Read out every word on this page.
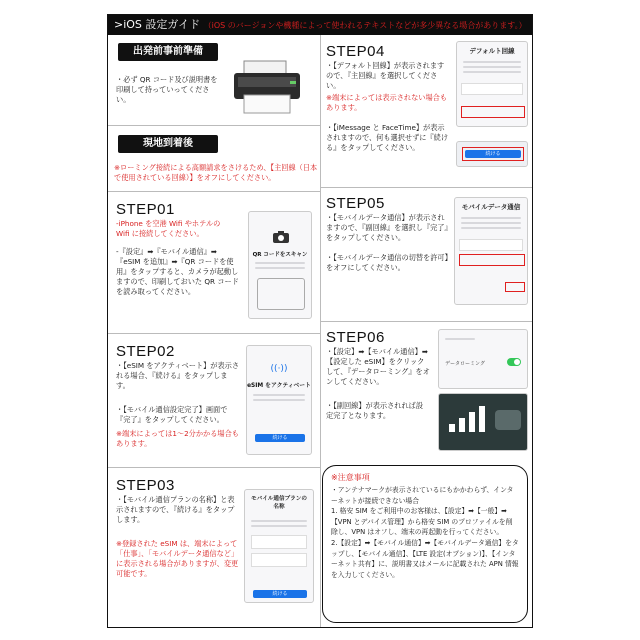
>iOS 設定ガイド （iOS のバージョンや機種によって使われるテキストなどが多少異なる場合があります。）
出発前事前準備
・必ず QR コード及び説明書を印刷して持っていってください。
現地到着後
※ローミング接続による高額請求をさけるため、【主回線（日本で使用されている回線）】をオフにしてください。
STEP01
-iPhone を空港 Wifi やホテルの Wifi に接続してください。
-『設定』➡『モバイル通信』➡『eSIM を追加』➡『QR コードを使用』をタップすると、カメラが起動しますので、印刷しておいた QR コードを読み取ってください。
QR コードをスキャン
STEP02
・【eSIM をアクティベート】が表示される場合、『続ける』をタップします。
・【モバイル通信設定完了】画面で『完了』をタップしてください。
※端末によっては1～2分かかる場合もあります。
((·))
eSIM をアクティベート
続ける
STEP03
・【モバイル通信プランの名称】と表示されますので、『続ける』をタップします。
※登録された eSIM は、端末によって「仕事」、「モバイルデータ通信など」に表示される場合がありますが、変更可能です。
モバイル通信プランの名称
続ける
STEP04
・【デフォルト回線】が表示されますので、『主回線』を選択してください。
※端末によっては表示されない場合もあります。
・【iMessage と FaceTime】が表示されますので、何も選択せずに『続ける』をタップしてください。
デフォルト回線
続ける
STEP05
・【モバイルデータ通信】が表示されますので、『副回線』を選択し『完了』をタップしてください。
・【モバイルデータ通信の切替を許可】をオフにしてください。
モバイルデータ通信
STEP06
・【設定】➡【モバイル通信】➡【設定した eSIM】をクリックして、『データローミング』をオンしてください。
・【副回線】が表示されれば設定完了となります。
データローミング
※注意事項
・アンテナマークが表示されているにもかかわらず、インターネットが接続できない場合
1. 格安 SIM をご利用中のお客様は、【設定】➡【一般】➡【VPN とデバイス管理】から格安 SIM のプロファイルを削除し、VPN はオフし、端末の再起動を行ってください。
2.【設定】➡【モバイル通信】➡【モバイルデータ通信】をタップし、【モバイル通信】、【LTE 設定(オプション)】、【インターネット共有】に、説明書又はメールに記載された APN 情報を入力してください。
